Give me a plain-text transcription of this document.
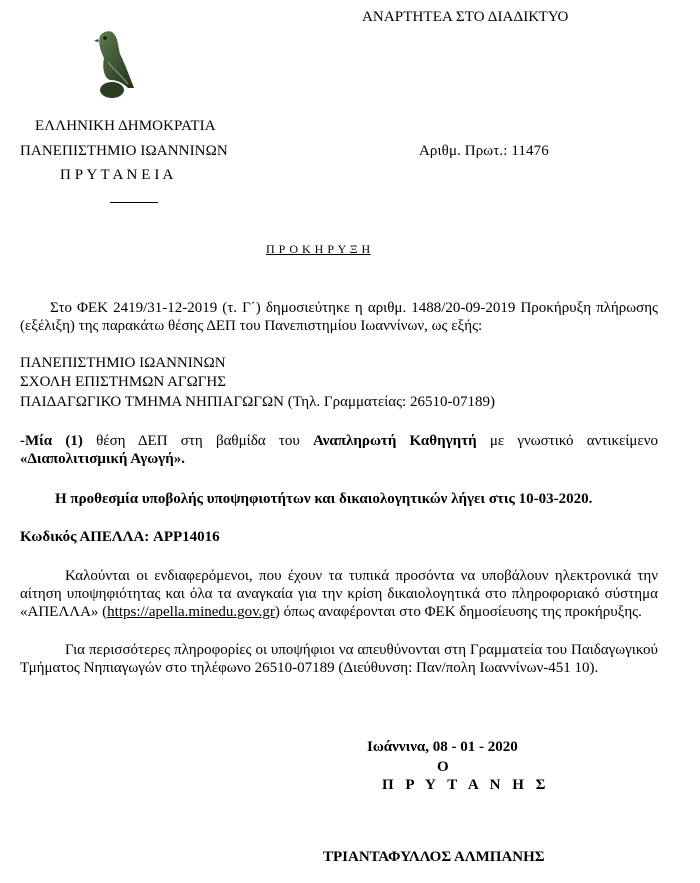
ΑΝΑΡΤΗΤΕΑ ΣΤΟ ΔΙΑΔΙΚΤΥΟ
ΕΛΛΗΝΙΚΗ ΔΗΜΟΚΡΑΤΙΑ
ΠΑΝΕΠΙΣΤΗΜΙΟ ΙΩΑΝΝΙΝΩΝ	Αριθμ. Πρωτ.: 11476
Π Ρ Υ Τ Α Ν Ε Ι Α
Π Ρ Ο Κ Η Ρ Υ Ξ Η
Στο ΦΕΚ 2419/31-12-2019 (τ. Γ΄) δημοσιεύτηκε η αριθμ. 1488/20-09-2019 Προκήρυξη πλήρωσης (εξέλιξη) της παρακάτω θέσης ΔΕΠ του Πανεπιστημίου Ιωαννίνων, ως εξής:
ΠΑΝΕΠΙΣΤΗΜΙΟ ΙΩΑΝΝΙΝΩΝ
ΣΧΟΛΗ ΕΠΙΣΤΗΜΩΝ ΑΓΩΓΗΣ
ΠΑΙΔΑΓΩΓΙΚΟ ΤΜΗΜΑ ΝΗΠΙΑΓΩΓΩΝ (Τηλ. Γραμματείας: 26510-07189)
-Μία (1) θέση ΔΕΠ στη βαθμίδα του Αναπληρωτή Καθηγητή με γνωστικό αντικείμενο «Διαπολιτισμική Αγωγή».
Η προθεσμία υποβολής υποψηφιοτήτων και δικαιολογητικών λήγει στις 10-03-2020.
Κωδικός ΑΠΕΛΛΑ: APP14016
Καλούνται οι ενδιαφερόμενοι, που έχουν τα τυπικά προσόντα να υποβάλουν ηλεκτρονικά την αίτηση υποψηφιότητας και όλα τα αναγκαία για την κρίση δικαιολογητικά στο πληροφοριακό σύστημα «ΑΠΕΛΛΑ» (https://apella.minedu.gov.gr) όπως αναφέρονται στο ΦΕΚ δημοσίευσης της προκήρυξης.
Για περισσότερες πληροφορίες οι υποψήφιοι να απευθύνονται στη Γραμματεία του Παιδαγωγικού Τμήματος Νηπιαγωγών στο τηλέφωνο 26510-07189 (Διεύθυνση: Παν/πολη Ιωαννίνων-451 10).
Ιωάννινα, 08 - 01 - 2020
Ο
Π Ρ Υ Τ Α Ν Η Σ
ΤΡΙΑΝΤΑΦΥΛΛΟΣ ΑΛΜΠΑΝΗΣ
